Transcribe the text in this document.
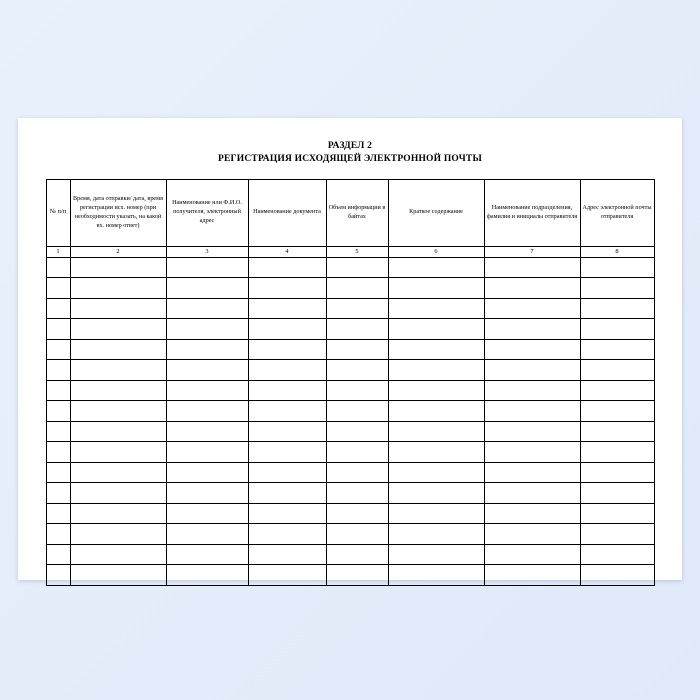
РАЗДЕЛ 2
РЕГИСТРАЦИЯ ИСХОДЯЩЕЙ ЭЛЕКТРОННОЙ ПОЧТЫ
№ п/п	Время, дата отправки/ дата, время регистрации исх. номер (при необходимости указать, на какой вх. номер ответ)	Наименование или Ф.И.О. получителя, электронный адрес	Наименование документа	Объем информации в байтах	Краткое содержание	Наименование подразделения, фамилия и инициалы отправителя	Адрес электронной почты отправителя
1	2	3	4	5	6	7	8
